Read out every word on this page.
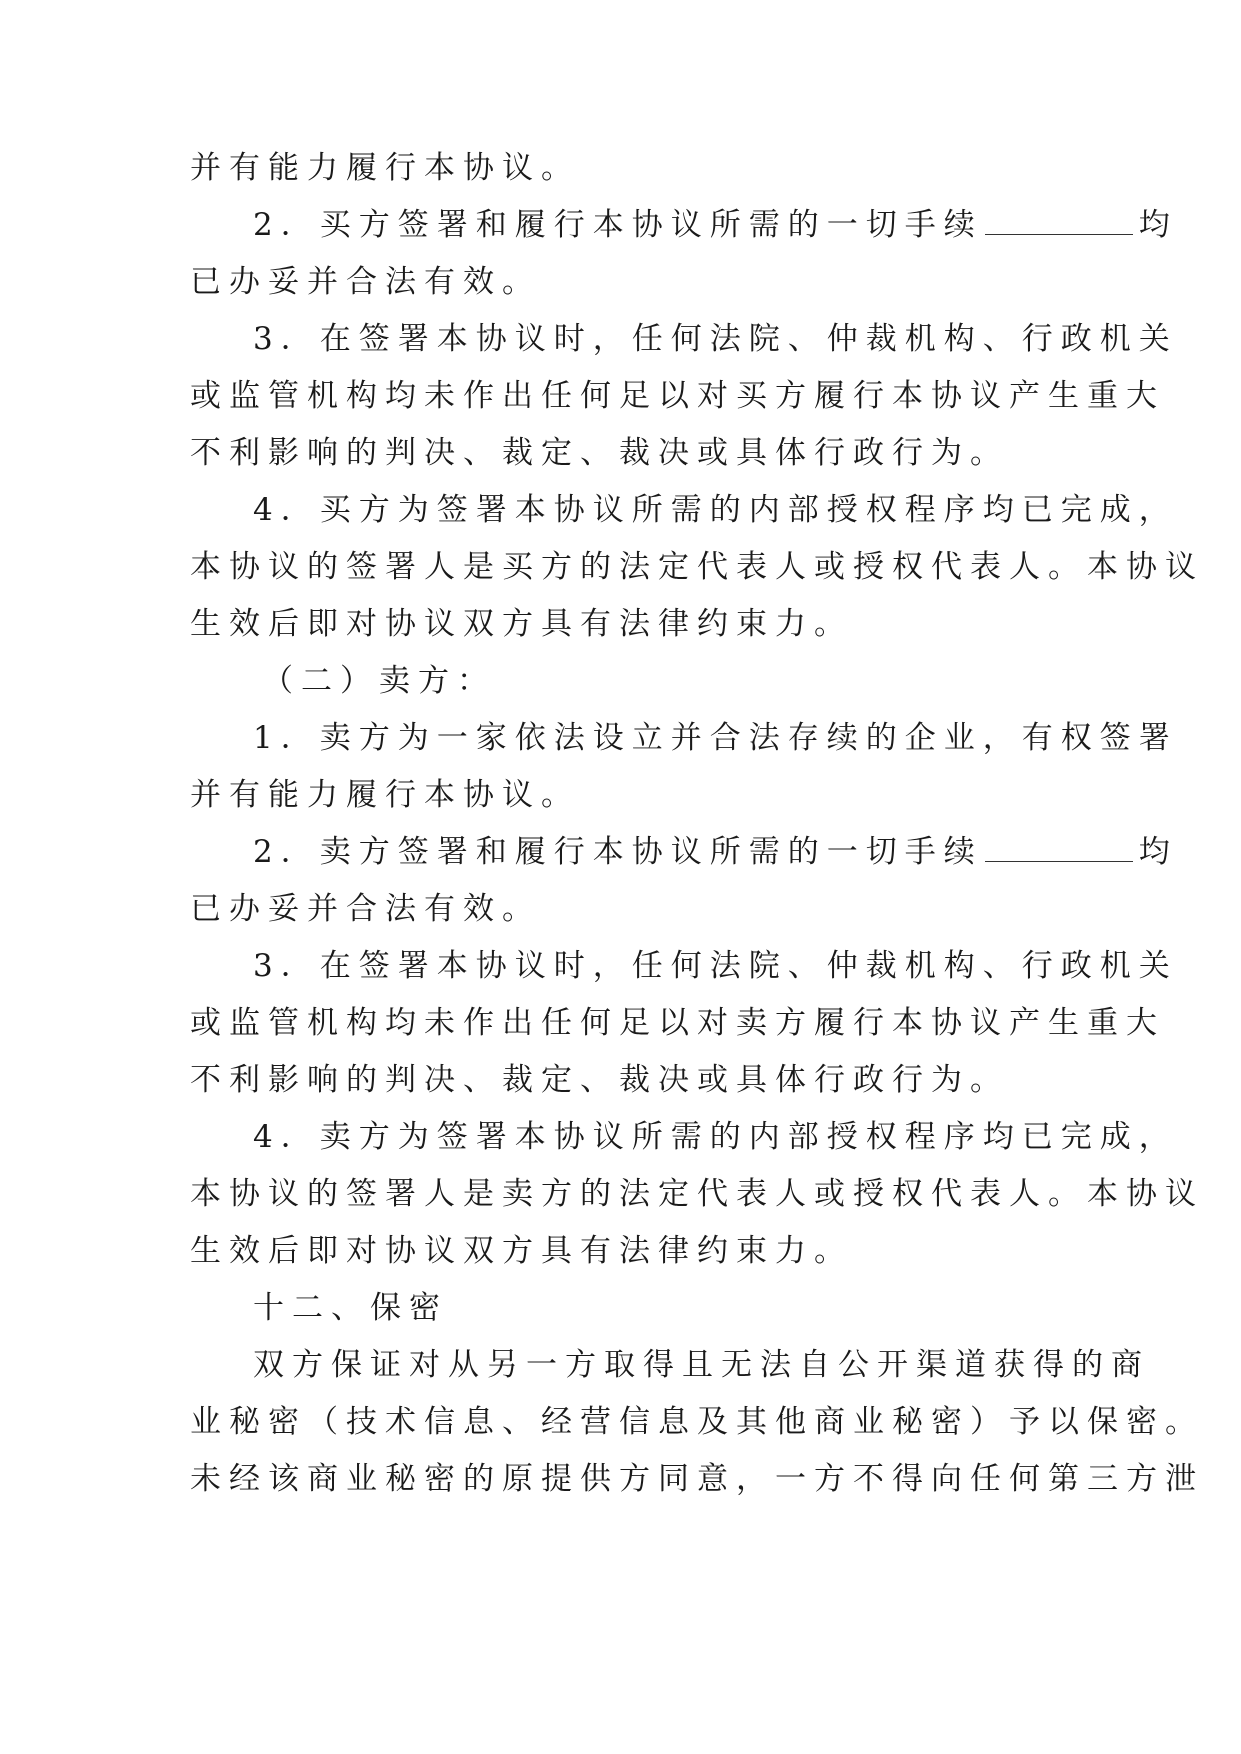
并有能力履行本协议。
2．买方签署和履行本协议所需的一切手续	均
已办妥并合法有效。
3．在签署本协议时，任何法院、仲裁机构、行政机关
或监管机构均未作出任何足以对买方履行本协议产生重大
不利影响的判决、裁定、裁决或具体行政行为。
4．买方为签署本协议所需的内部授权程序均已完成，
本协议的签署人是买方的法定代表人或授权代表人。本协议
生效后即对协议双方具有法律约束力。
（二）卖方：
1．卖方为一家依法设立并合法存续的企业，有权签署
并有能力履行本协议。
2．卖方签署和履行本协议所需的一切手续	均
已办妥并合法有效。
3．在签署本协议时，任何法院、仲裁机构、行政机关
或监管机构均未作出任何足以对卖方履行本协议产生重大
不利影响的判决、裁定、裁决或具体行政行为。
4．卖方为签署本协议所需的内部授权程序均已完成，
本协议的签署人是卖方的法定代表人或授权代表人。本协议
生效后即对协议双方具有法律约束力。
十二、保密
双方保证对从另一方取得且无法自公开渠道获得的商
业秘密（技术信息、经营信息及其他商业秘密）予以保密。
未经该商业秘密的原提供方同意，一方不得向任何第三方泄
